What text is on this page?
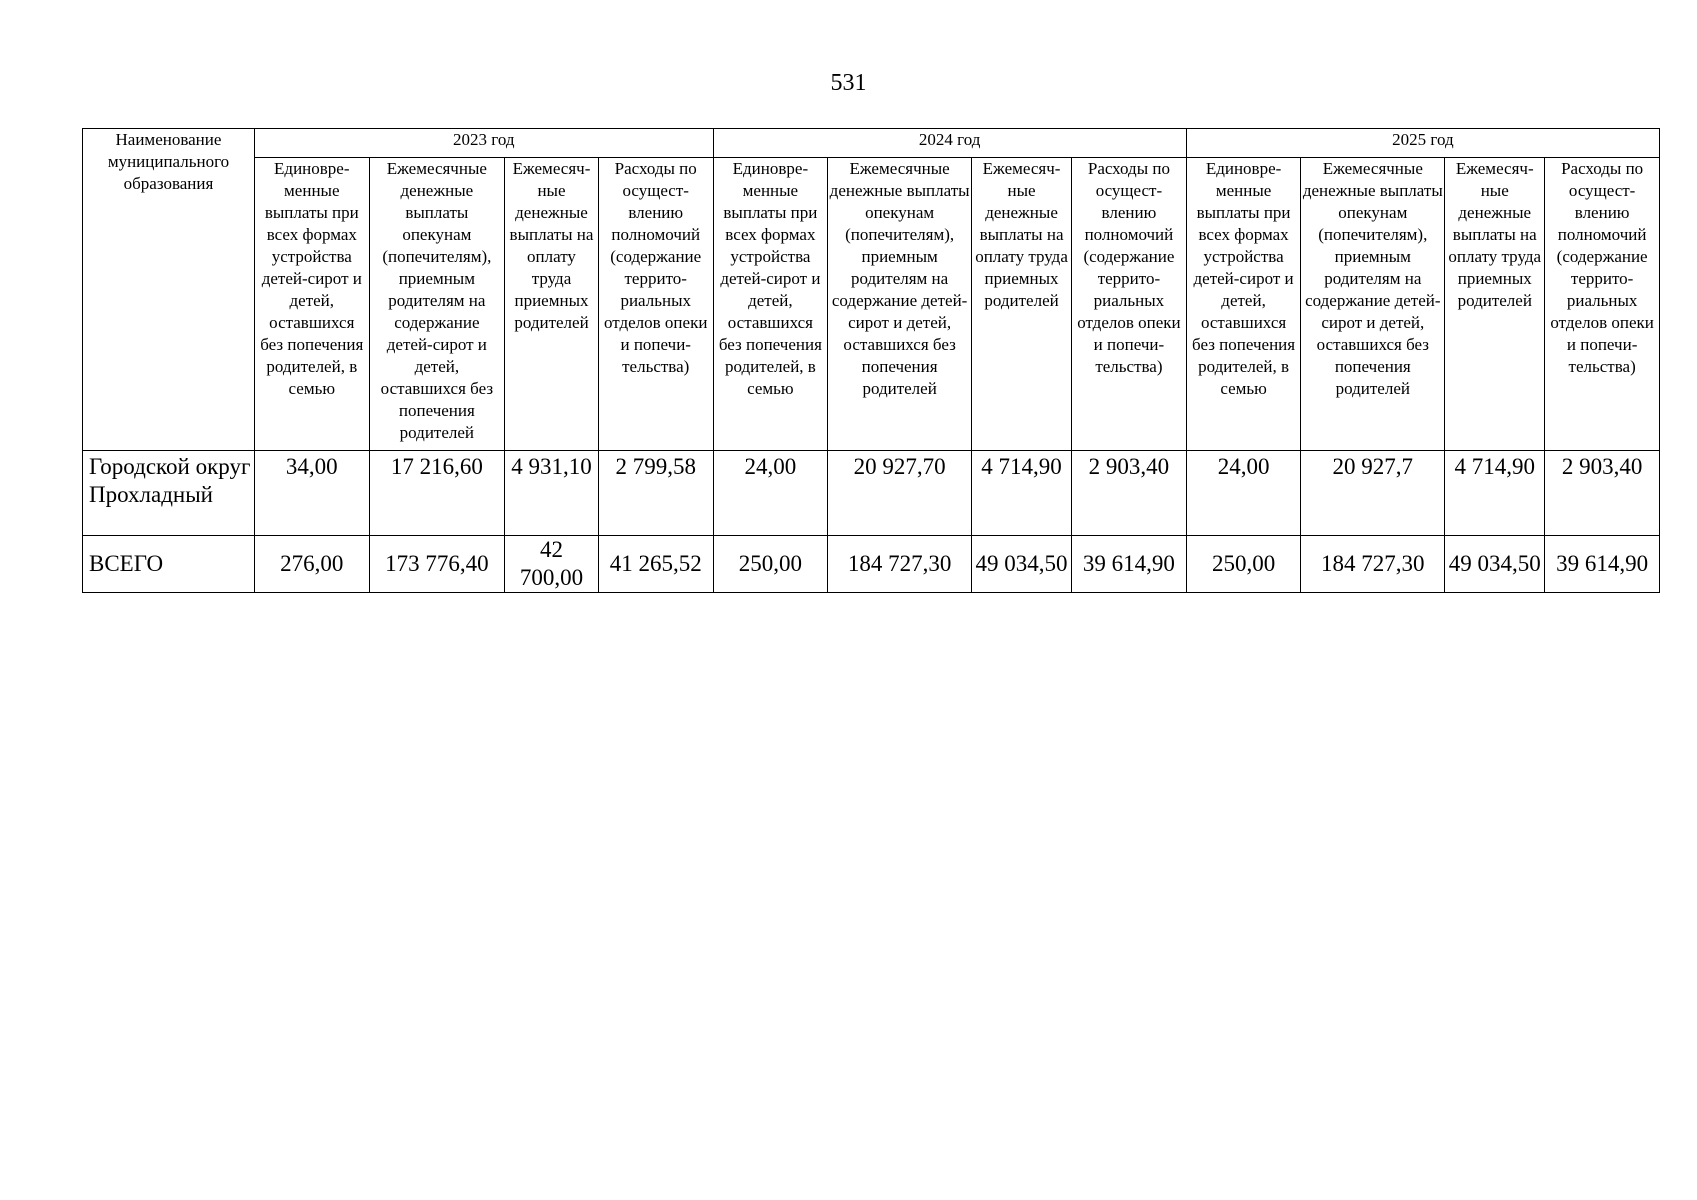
531
Наименование муниципального образования	2023 год				2024 год				2025 год			
	Единовре-менные выплаты при всех формах устройства детей-сирот и детей, оставшихся без попечения родителей, в семью	Ежемесячные денежные выплаты опекунам (попечителям), приемным родителям на содержание детей-сирот и детей, оставшихся без попечения родителей	Ежемесяч-ные денежные выплаты на оплату труда приемных родителей	Расходы по осущест-влению полномочий (содержание террито-риальных отделов опеки и попечи-тельства)	Единовре-менные выплаты при всех формах устройства детей-сирот и детей, оставшихся без попечения родителей, в семью	Ежемесячные денежные выплаты опекунам (попечителям), приемным родителям на содержание детей-сирот и детей, оставшихся без попечения родителей	Ежемесяч-ные денежные выплаты на оплату труда приемных родителей	Расходы по осущест-влению полномочий (содержание террито-риальных отделов опеки и попечи-тельства)	Единовре-менные выплаты при всех формах устройства детей-сирот и детей, оставшихся без попечения родителей, в семью	Ежемесячные денежные выплаты опекунам (попечителям), приемным родителям на содержание детей-сирот и детей, оставшихся без попечения родителей	Ежемесяч-ные денежные выплаты на оплату труда приемных родителей	Расходы по осущест-влению полномочий (содержание террито-риальных отделов опеки и попечи-тельства)
Городской округ Прохладный	34,00	17 216,60	4 931,10	2 799,58	24,00	20 927,70	4 714,90	2 903,40	24,00	20 927,7	4 714,90	2 903,40
ВСЕГО	276,00	173 776,40	42 700,00	41 265,52	250,00	184 727,30	49 034,50	39 614,90	250,00	184 727,30	49 034,50	39 614,90
